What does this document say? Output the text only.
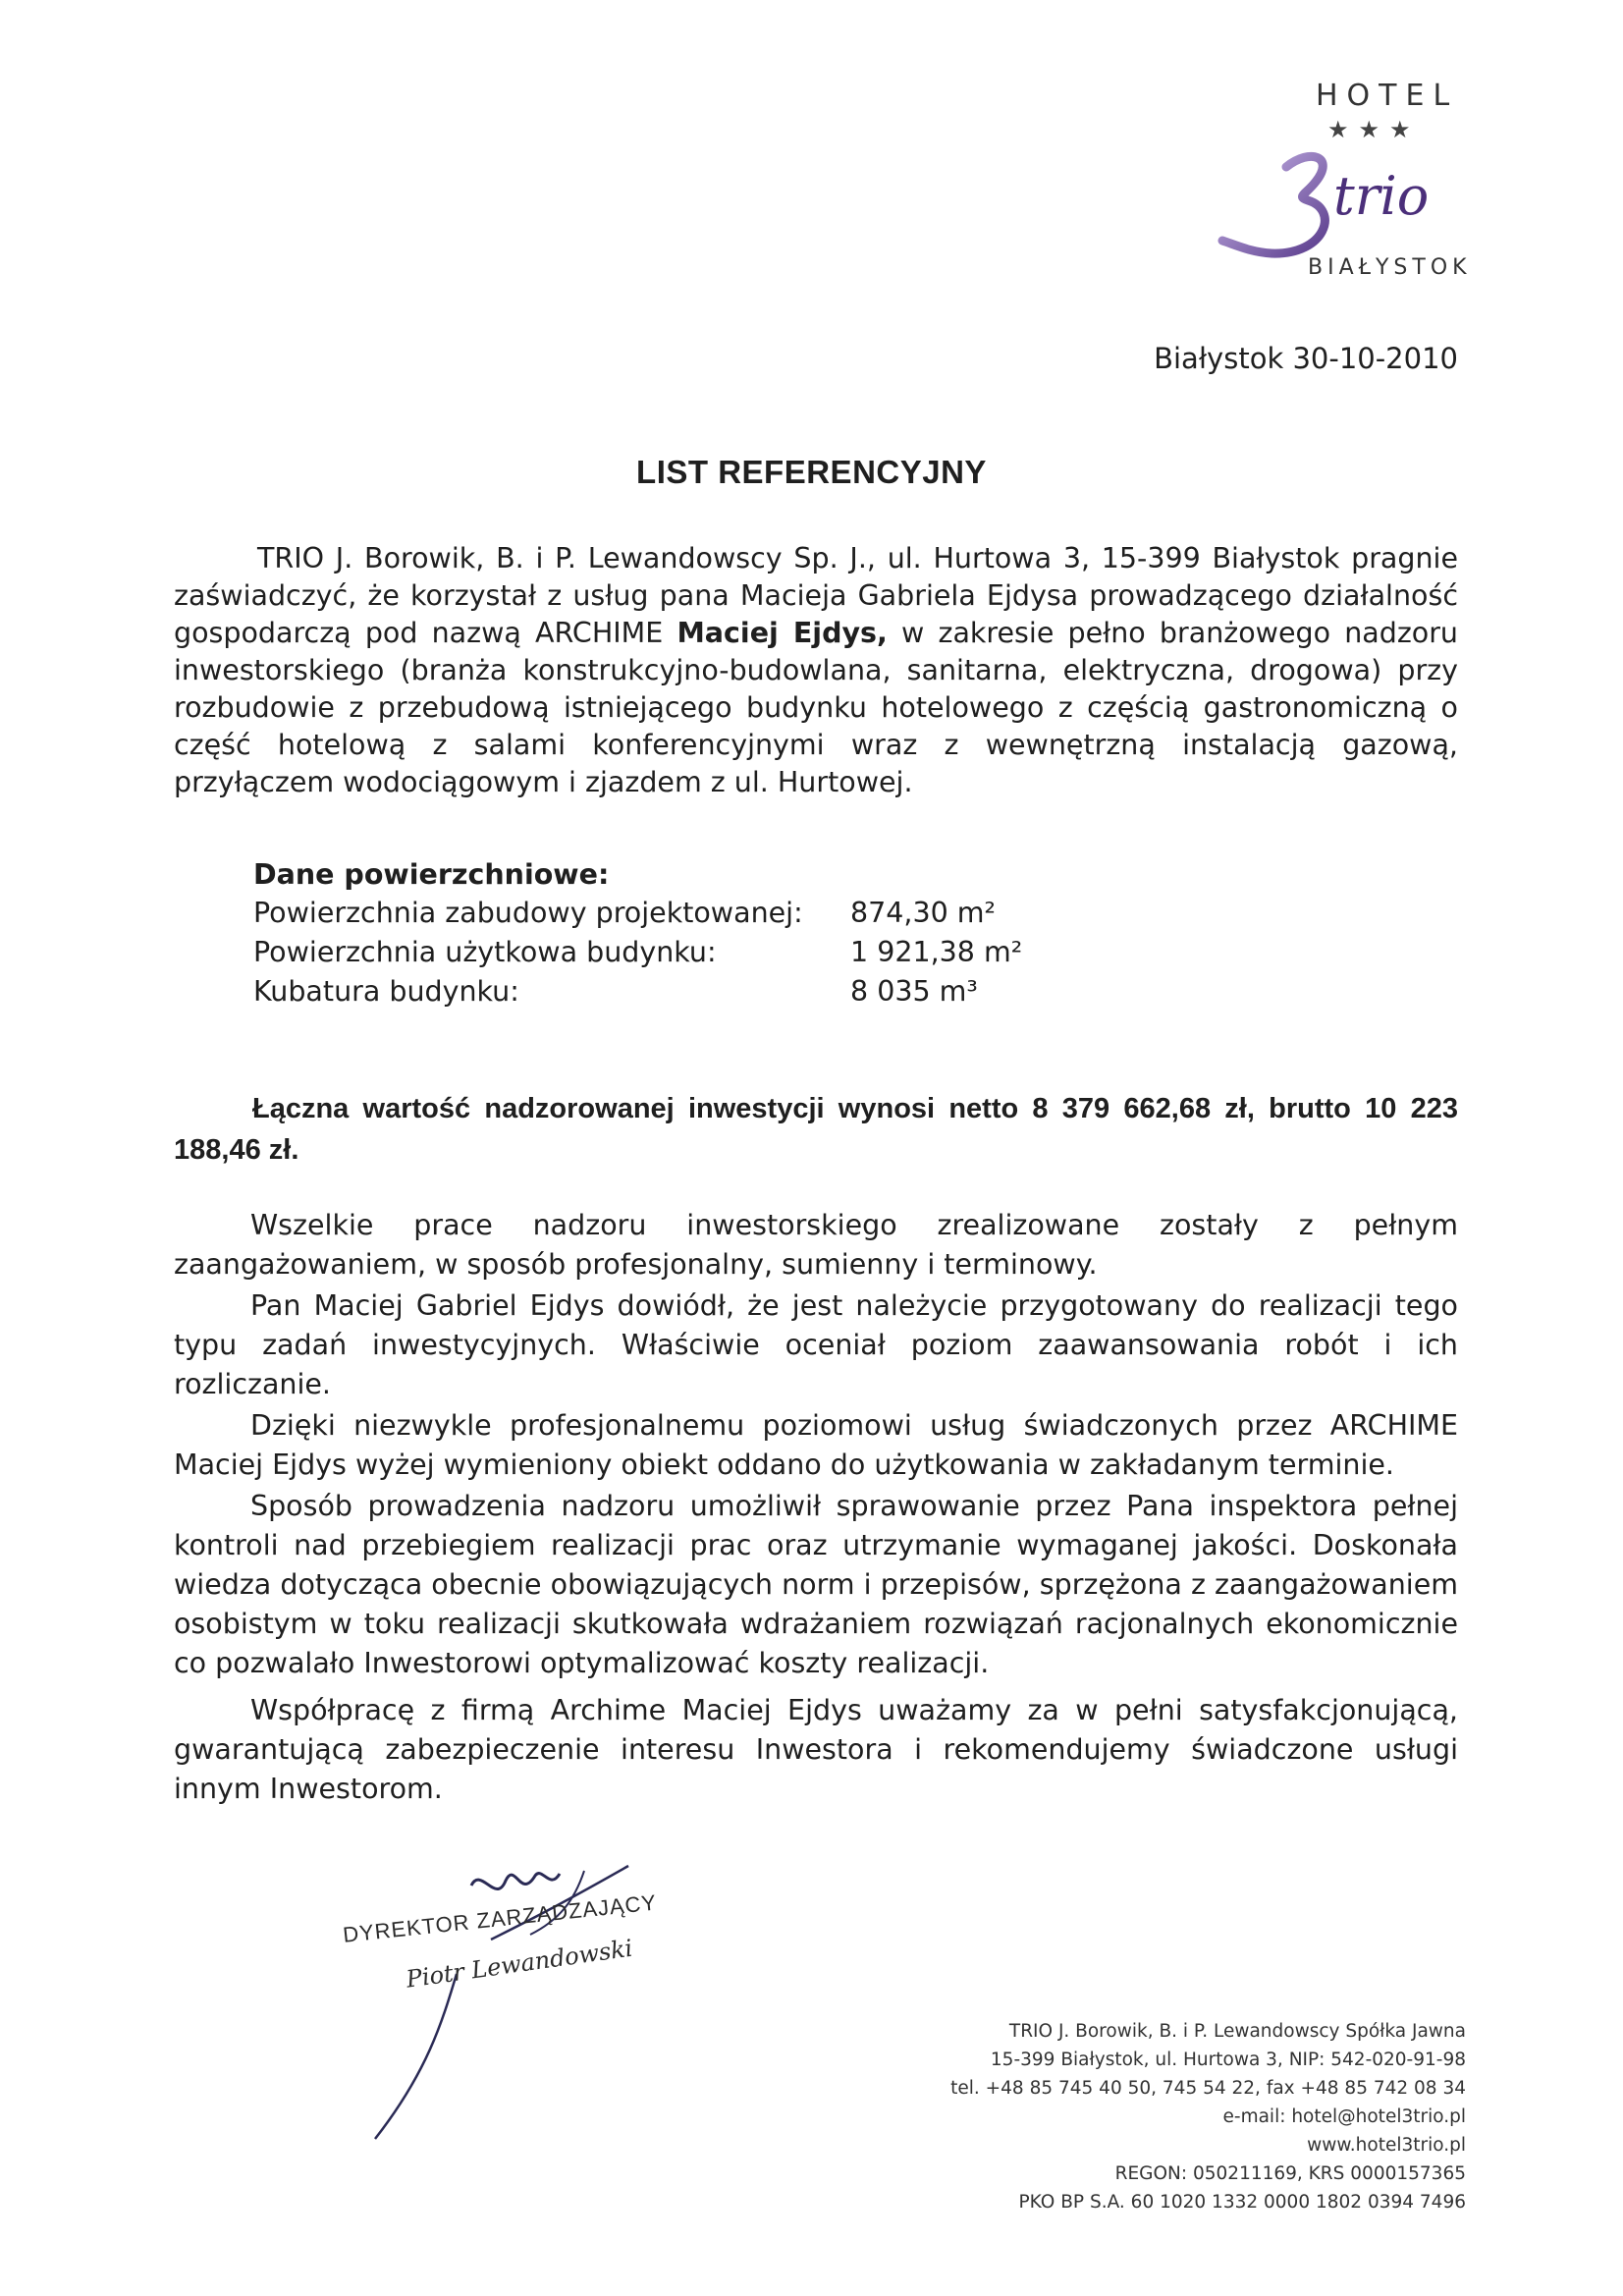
HOTEL
★★★
trio
BIAŁYSTOK
Białystok 30-10-2010
LIST REFERENCYJNY
TRIO J. Borowik, B. i P. Lewandowscy Sp. J., ul. Hurtowa 3, 15-399 Białystok pragnie zaświadczyć, że korzystał z usług pana Macieja Gabriela Ejdysa prowadzącego działalność gospodarczą pod nazwą ARCHIME Maciej Ejdys, w zakresie pełno branżowego nadzoru inwestorskiego (branża konstrukcyjno-budowlana, sanitarna, elektryczna, drogowa) przy rozbudowie z przebudową istniejącego budynku hotelowego z częścią gastronomiczną o część hotelową z salami konferencyjnymi wraz z wewnętrzną instalacją gazową, przyłączem wodociągowym i zjazdem z ul. Hurtowej.
Dane powierzchniowe:
Powierzchnia zabudowy projektowanej:	874,30 m²
Powierzchnia użytkowa budynku:	1 921,38 m²
Kubatura budynku:	8 035 m³
Łączna wartość nadzorowanej inwestycji wynosi netto 8 379 662,68 zł, brutto 10 223 188,46 zł.

Wszelkie prace nadzoru inwestorskiego zrealizowane zostały z pełnym zaangażowaniem, w sposób profesjonalny, sumienny i terminowy.

Pan Maciej Gabriel Ejdys dowiódł, że jest należycie przygotowany do realizacji tego typu zadań inwestycyjnych. Właściwie oceniał poziom zaawansowania robót i ich rozliczanie.

Dzięki niezwykle profesjonalnemu poziomowi usług świadczonych przez ARCHIME Maciej Ejdys wyżej wymieniony obiekt oddano do użytkowania w zakładanym terminie.

Sposób prowadzenia nadzoru umożliwił sprawowanie przez Pana inspektora pełnej kontroli nad przebiegiem realizacji prac oraz utrzymanie wymaganej jakości. Doskonała wiedza dotycząca obecnie obowiązujących norm i przepisów, sprzężona z zaangażowaniem osobistym w toku realizacji skutkowała wdrażaniem rozwiązań racjonalnych ekonomicznie co pozwalało Inwestorowi optymalizować koszty realizacji.

Współpracę z firmą Archime Maciej Ejdys uważamy za w pełni satysfakcjonującą, gwarantującą zabezpieczenie interesu Inwestora i rekomendujemy świadczone usługi innym Inwestorom.
DYREKTOR ZARZĄDZAJĄCY
Piotr Lewandowski
TRIO J. Borowik, B. i P. Lewandowscy Spółka Jawna
15-399 Białystok, ul. Hurtowa 3, NIP: 542-020-91-98
tel. +48 85 745 40 50, 745 54 22, fax +48 85 742 08 34
e-mail: hotel@hotel3trio.pl
www.hotel3trio.pl
REGON: 050211169, KRS 0000157365
PKO BP S.A. 60 1020 1332 0000 1802 0394 7496
